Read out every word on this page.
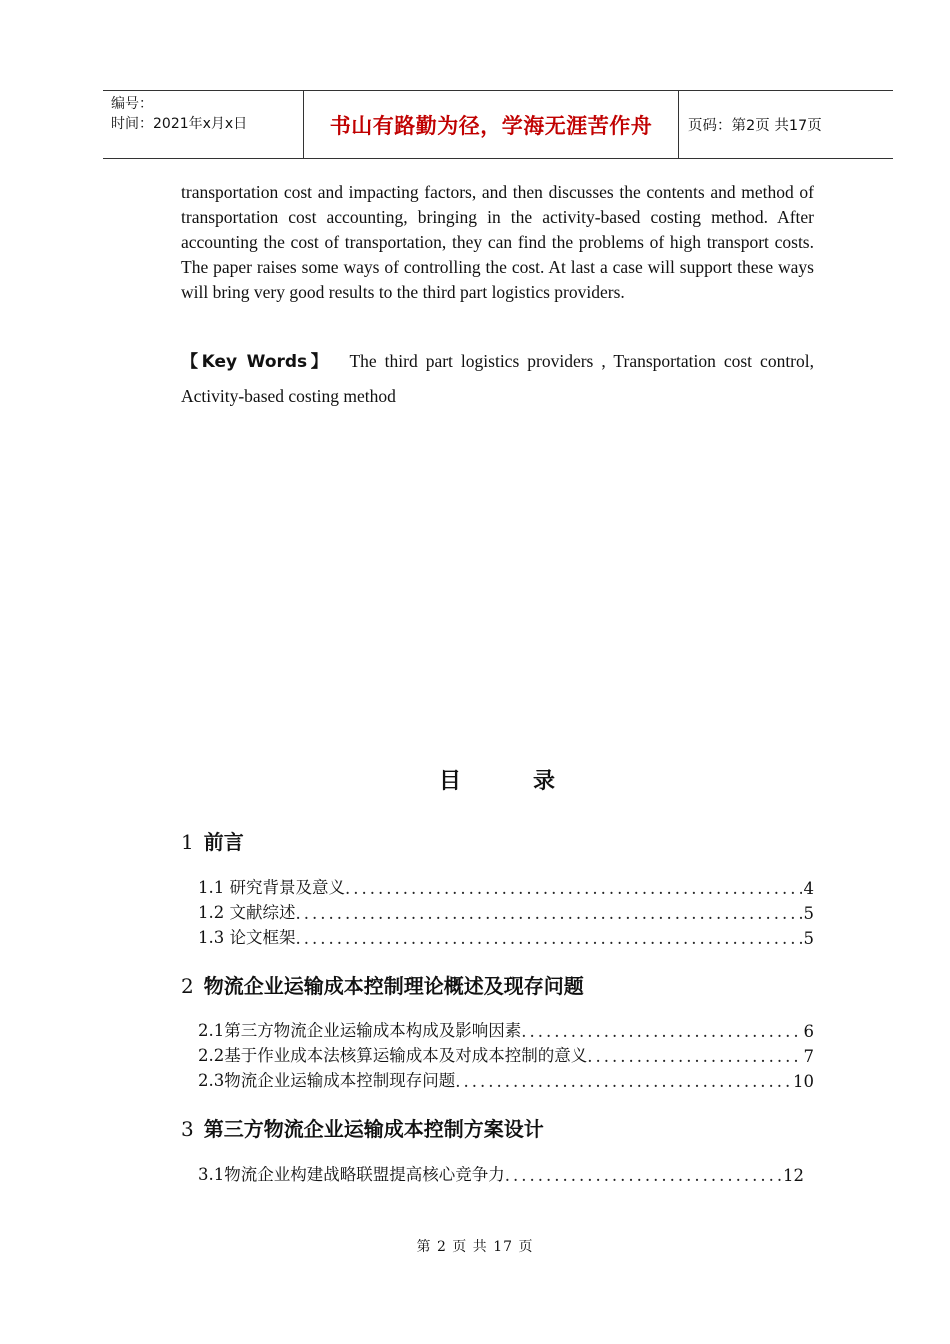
编号：
时间：2021年x月x日	书山有路勤为径，学海无涯苦作舟	页码：第2页 共17页
transportation cost and impacting factors, and then discusses the contents and method of transportation cost accounting, bringing in the activity-based costing method. After accounting the cost of transportation, they can find the problems of high transport costs. The paper raises some ways of controlling the cost. At last a case will support these ways will bring very good results to the third part logistics providers.
【Key Words】 The third part logistics providers , Transportation cost control, Activity-based costing method
目	录
1 前言
1.1 研究背景及意义 .....	4
1.2 文献综述 .....	5
1.3 论文框架 .....	5
2 物流企业运输成本控制理论概述及现存问题
2.1第三方物流企业运输成本构成及影响因素 .....	6
2.2基于作业成本法核算运输成本及对成本控制的意义 .....	7
2.3物流企业运输成本控制现存问题 .....	10
3 第三方物流企业运输成本控制方案设计
3.1物流企业构建战略联盟提高核心竞争力 .....	12
第 2 页 共 17 页
